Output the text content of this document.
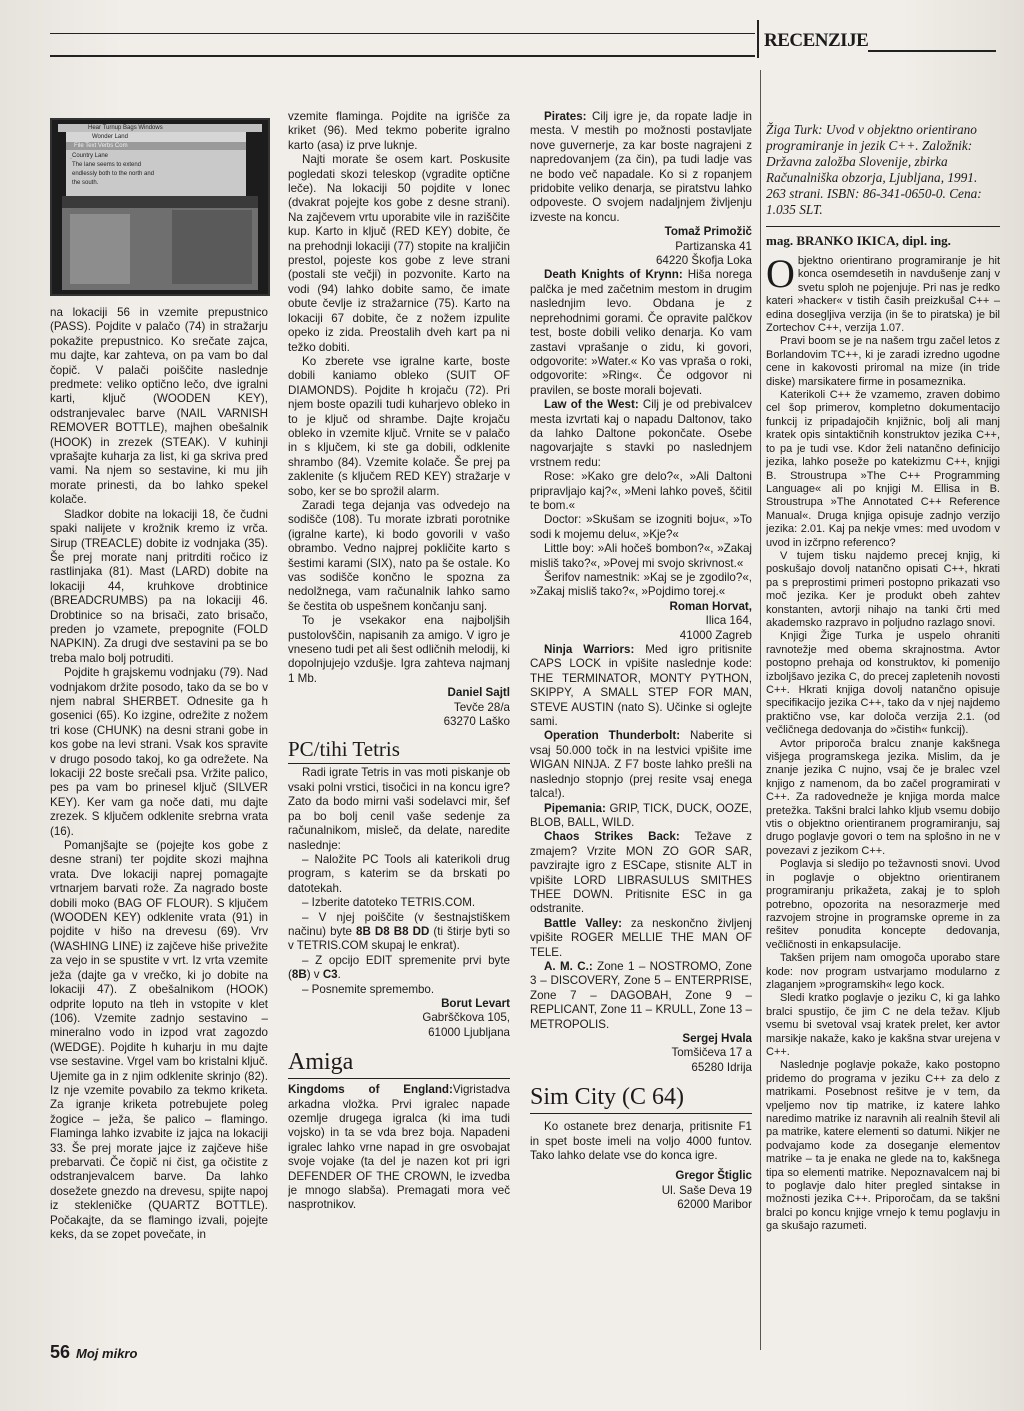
RECENZIJE
·
Hear Turnup Bags Windows
Wonder Land
File Text Verbs Com
Country Lane
The lane seems to extend
endlessly both to the north and
the south.

na lokaciji 56 in vzemite prepustnico (PASS). Pojdite v palačo (74) in stražarju pokažite prepustnico. Ko srečate zajca, mu dajte, kar zahteva, on pa vam bo dal čopič. V palači poiščite naslednje predmete: veliko optično lečo, dve igralni karti, ključ (WOODEN KEY), odstranjevalec barve (NAIL VARNISH REMOVER BOTTLE), majhen obešalnik (HOOK) in zrezek (STEAK). V kuhinji vprašajte kuharja za list, ki ga skriva pred vami. Na njem so sestavine, ki mu jih morate prinesti, da bo lahko spekel kolače.

Sladkor dobite na lokaciji 18, če čudni spaki nalijete v krožnik kremo iz vrča. Sirup (TREACLE) dobite iz vodnjaka (35). Še prej morate nanj pritrditi ročico iz rastlinjaka (81). Mast (LARD) dobite na lokaciji 44, kruhkove drobtinice (BREADCRUMBS) pa na lokaciji 46. Drobtinice so na brisači, zato brisačo, preden jo vzamete, prepognite (FOLD NAPKIN). Za drugi dve sestavini pa se bo treba malo bolj potruditi.

Pojdite h grajskemu vodnjaku (79). Nad vodnjakom držite posodo, tako da se bo v njem nabral SHERBET. Odnesite ga h gosenici (65). Ko izgine, odrežite z nožem tri kose (CHUNK) na desni strani gobe in kos gobe na levi strani. Vsak kos spravite v drugo posodo takoj, ko ga odrežete. Na lokaciji 22 boste srečali psa. Vržite palico, pes pa vam bo prinesel ključ (SILVER KEY). Ker vam ga noče dati, mu dajte zrezek. S ključem odklenite srebrna vrata (16).

Pomanjšajte se (pojejte kos gobe z desne strani) ter pojdite skozi majhna vrata. Dve lokaciji naprej pomagajte vrtnarjem barvati rože. Za nagrado boste dobili moko (BAG OF FLOUR). S ključem (WOODEN KEY) odklenite vrata (91) in pojdite v hišo na drevesu (69). Vrv (WASHING LINE) iz zajčeve hiše privežite za vejo in se spustite v vrt. Iz vrta vzemite ježa (dajte ga v vrečko, ki jo dobite na lokaciji 47). Z obešalnikom (HOOK) odprite loputo na tleh in vstopite v klet (106). Vzemite zadnjo sestavino – mineralno vodo in izpod vrat zagozdo (WEDGE). Pojdite h kuharju in mu dajte vse sestavine. Vrgel vam bo kristalni ključ. Ujemite ga in z njim odklenite skrinjo (82). Iz nje vzemite povabilo za tekmo kriketa. Za igranje kriketa potrebujete poleg žogice – ježa, še palico – flamingo. Flaminga lahko izvabite iz jajca na lokaciji 33. Še prej morate jajce iz zajčeve hiše prebarvati. Če čopič ni čist, ga očistite z odstranjevalcem barve. Da lahko dosežete gnezdo na drevesu, spijte napoj iz stekleničke (QUARTZ BOTTLE). Počakajte, da se flamingo izvali, pojejte keks, da se zopet povečate, in

vzemite flaminga. Pojdite na igrišče za kriket (96). Med tekmo poberite igralno karto (asa) iz prve luknje.

Najti morate še osem kart. Poskusite pogledati skozi teleskop (vgradite optične leče). Na lokaciji 50 pojdite v lonec (dvakrat pojejte kos gobe z desne strani). Na zajčevem vrtu uporabite vile in raziščite kup. Karto in ključ (RED KEY) dobite, če na prehodnji lokaciji (77) stopite na kraljičin prestol, pojeste kos gobe z leve strani (postali ste večji) in pozvonite. Karto na vodi (94) lahko dobite samo, če imate obute čevlje iz stražarnice (75). Karto na lokaciji 67 dobite, če z nožem izpulite opeko iz zida. Preostalih dveh kart pa ni težko dobiti.

Ko zberete vse igralne karte, boste dobili kaniamo obleko (SUIT OF DIAMONDS). Pojdite h krojaču (72). Pri njem boste opazili tudi kuharjevo obleko in to je ključ od shrambe. Dajte krojaču obleko in vzemite ključ. Vrnite se v palačo in s ključem, ki ste ga dobili, odklenite shrambo (84). Vzemite kolače. Še prej pa zaklenite (s ključem RED KEY) stražarje v sobo, ker se bo sprožil alarm.

Zaradi tega dejanja vas odvedejo na sodišče (108). Tu morate izbrati porotnike (igralne karte), ki bodo govorili v vašo obrambo. Vedno najprej pokličite karto s šestimi karami (SIX), nato pa še ostale. Ko vas sodišče končno le spozna za nedolžnega, vam računalnik lahko samo še čestita ob uspešnem končanju sanj.

To je vsekakor ena najboljših pustolovščin, napisanih za amigo. V igro je vneseno tudi pet ali šest odličnih melodij, ki dopolnjujejo vzdušje. Igra zahteva najmanj 1 Mb.

Daniel Sajtl
Tevče 28/a
63270 Laško
PC/tihi Tetris

Radi igrate Tetris in vas moti piskanje ob vsaki polni vrstici, tisočici in na koncu igre? Zato da bodo mirni vaši sodelavci mir, šef pa bo bolj cenil vaše sedenje za računalnikom, mislеč, da delate, naredite naslednje:

– Naložite PC Tools ali katerikoli drug program, s katerim se da brskati po datotekah.

– Izberite datoteko TETRIS.COM.

– V njej poiščite (v šestnajstiškem načinu) byte 8B D8 B8 DD (ti štirje byti so v TETRIS.COM skupaj le enkrat).

– Z opcijo EDIT spremenite prvi byte (8B) v C3.

– Posnemite spremembo.

Borut Levart
Gabrščkova 105,
61000 Ljubljana
Amiga

Kingdoms of England:Vigristadva arkadna vložka. Prvi igralec napade ozemlje drugega igralca (ki ima tudi vojsko) in ta se vda brez boja. Napadeni igralec lahko vrne napad in gre osvobajat svoje vojake (ta del je nazen kot pri igri DEFENDER OF THE CROWN, le izvedba je mnogo slabša). Premagati mora več nasprotnikov.

Pirates: Cilj igre je, da ropate ladje in mesta. V mestih po možnosti postavljate nove guvernerje, za kar boste nagrajeni z napredovanjem (za čin), pa tudi ladje vas ne bodo več napadale. Ko si z ropanjem pridobite veliko denarja, se piratstvu lahko odpoveste. O svojem nadaljnjem življenju izveste na koncu.

Tomaž Primožič
Partizanska 41
64220 Škofja Loka

Death Knights of Krynn: Hiša norega palčka je med začetnim mestom in drugim naslednjim levo. Obdana je z neprehodnimi gorami. Če opravite palčkov test, boste dobili veliko denarja. Ko vam zastavi vprašanje o zidu, ki govori, odgovorite: »Water.« Ko vas vpraša o roki, odgovorite: »Ring«. Če odgovor ni pravilen, se boste morali bojevati.

Law of the West: Cilj je od prebivalcev mesta izvrtati kaj o napadu Daltonov, tako da lahko Daltone pokončate. Osebe nagovarjajte s stavki po naslednjem vrstnem redu:

Rose: »Kako gre delo?«, »Ali Daltoni pripravljajo kaj?«, »Meni lahko poveš, ščitil te bom.«

Doctor: »Skušam se izogniti boju«, »To sodi k mojemu delu«, »Kje?«

Little boy: »Ali hočeš bombon?«, »Zakaj misliš tako?«, »Povej mi svojo skrivnost.«

Šerifov namestnik: »Kaj se je zgodilo?«, »Zakaj misliš tako?«, »Pojdimo torej.«

Roman Horvat,
Ilica 164,
41000 Zagreb

Ninja Warriors: Med igro pritisnite CAPS LOCK in vpišite naslednje kode: THE TERMINATOR, MONTY PYTHON, SKIPPY, A SMALL STEP FOR MAN, STEVE AUSTIN (nato S). Učinke si oglejte sami.

Operation Thunderbolt: Naberite si vsaj 50.000 točk in na lestvici vpišite ime WIGAN NINJA. Z F7 boste lahko prešli na naslednjo stopnjo (prej resite vsaj enega talca!).

Pipemania: GRIP, TICK, DUCK, OOZE, BLOB, BALL, WILD.

Chaos Strikes Back: Težave z zmajem? Vrzite MON ZO GOR SAR, pavzirajte igro z ESCape, stisnite ALT in vpišite LORD LIBRASULUS SMITHES THEE DOWN. Pritisnite ESC in ga odstranite.

Battle Valley: za neskončno življenj vpišite ROGER MELLIE THE MAN OF TELE.

A. M. C.: Zone 1 – NOSTROMO, Zone 3 – DISCOVERY, Zone 5 – ENTERPRISE, Zone 7 – DAGOBAH, Zone 9 – REPLICANT, Zone 11 – KRULL, Zone 13 – METROPOLIS.

Sergej Hvala
Tomšičeva 17 a
65280 Idrija
Sim City (C 64)

Ko ostanete brez denarja, pritisnite F1 in spet boste imeli na voljo 4000 funtov. Tako lahko delate vse do konca igre.

Gregor Štiglic
Ul. Saše Deva 19
62000 Maribor
Žiga Turk: Uvod v objektno orientirano programiranje in jezik C++. Založnik: Državna založba Slovenije, zbirka Računalniška obzorja, Ljubljana, 1991. 263 strani. ISBN: 86-341-0650-0. Cena: 1.035 SLT.
mag. BRANKO IKICA, dipl. ing.

Objektno orientirano programiranje je hit konca osemdesetih in navdušenje zanj v svetu sploh ne pojenjuje. Pri nas je redko kateri »hacker« v tistih časih preizkušal C++ – edina dosegljiva verzija (in še to piratska) je bil Zortechov C++, verzija 1.07.

Pravi boom se je na našem trgu začel letos z Borlandovim TC++, ki je zaradi izredno ugodne cene in kakovosti priromal na mize (in tride diske) marsikatere firme in posameznika.

Katerikoli C++ že vzamemo, zraven dobimo cel šop primerov, kompletno dokumentacijo funkcij iz pripadajočih knjižnic, bolj ali manj kratek opis sintaktičnih konstruktov jezika C++, to pa je tudi vse. Kdor želi natančno definicijo jezika, lahko poseže po katekizmu C++, knjigi B. Stroustrupa »The C++ Programming Language« ali po knjigi M. Ellisa in B. Stroustrupa »The Annotated C++ Reference Manual«. Druga knjiga opisuje zadnjo verzijo jezika: 2.01. Kaj pa nekje vmes: med uvodom v uvod in izčrpno referenco?

V tujem tisku najdemo precej knjig, ki poskušajo dovolj natančno opisati C++, hkrati pa s preprostimi primeri postopno prikazati vso moč jezika. Ker je produkt obeh zahtev konstanten, avtorji nihajo na tanki črti med akademsko razpravo in poljudno razlago snovi.

Knjigi Žige Turka je uspelo ohraniti ravnotežje med obema skrajnostma. Avtor postopno prehaja od konstruktov, ki pomenijo izboljšavo jezika C, do precej zapletenih novosti C++. Hkrati knjiga dovolj natančno opisuje specifikacijo jezika C++, tako da v njej najdemo praktično vse, kar določa verzija 2.1. (od večličnega dedovanja do »čistih« funkcij).

Avtor priporoča bralcu znanje kakšnega višjega programskega jezika. Mislim, da je znanje jezika C nujno, vsaj če je bralec vzel knjigo z namenom, da bo začel programirati v C++. Za radovedneže je knjiga morda malce pretežka. Takšni bralci lahko kljub vsemu dobijo vtis o objektno orientiranem programiranju, saj drugo poglavje govori o tem na splošno in ne v povezavi z jezikom C++.

Poglavja si sledijo po težavnosti snovi. Uvod in poglavje o objektno orientiranem programiranju prikažeta, zakaj je to sploh potrebno, opozorita na nesorazmerje med razvojem strojne in programske opreme in za rešitev ponudita koncepte dedovanja, večličnosti in enkapsulacije.

Takšen prijem nam omogoča uporabo stare kode: nov program ustvarjamo modularno z zlaganjem »programskih« lego kock.

Sledi kratko poglavje o jeziku C, ki ga lahko bralci spustijo, če jim C ne dela težav. Kljub vsemu bi svetoval vsaj kratek prelet, ker avtor marsikje nakaže, kako je kakšna stvar urejena v C++.

Naslednje poglavje pokaže, kako postopno pridemo do programa v jeziku C++ za delo z matrikami. Posebnost rešitve je v tem, da vpeljemo nov tip matrike, iz katere lahko naredimo matrike iz naravnih ali realnih števil ali pa matrike, katere elementi so datumi. Nikjer ne podvajamo kode za doseganje elementov matrike – ta je enaka ne glede na to, kakšnega tipa so elementi matrike. Nepoznavalcem naj bi to poglavje dalo hiter pregled sintakse in možnosti jezika C++. Priporočam, da se takšni bralci po koncu knjige vrnejo k temu poglavju in ga skušajo razumeti.

56 Moj mikro
